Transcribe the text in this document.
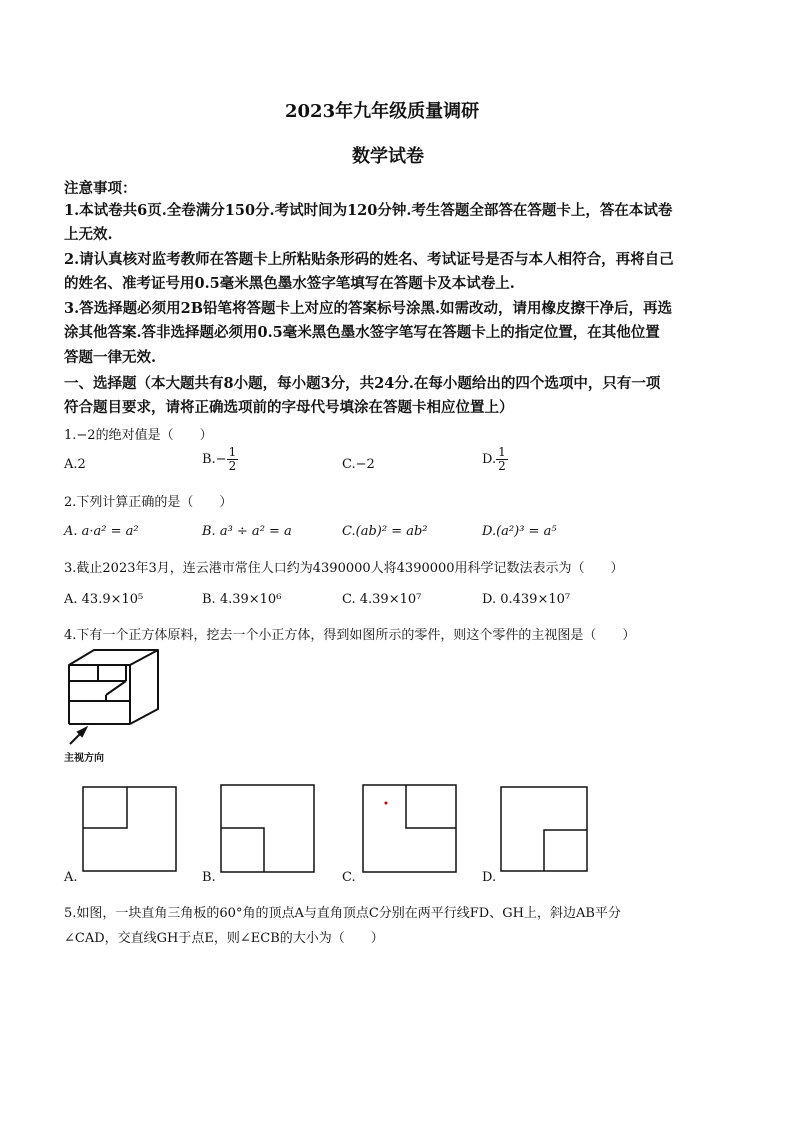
2023年九年级质量调研
数学试卷
注意事项：
1.本试卷共6页.全卷满分150分.考试时间为120分钟.考生答题全部答在答题卡上，答在本试卷
上无效.
2.请认真核对监考教师在答题卡上所粘贴条形码的姓名、考试证号是否与本人相符合，再将自己
的姓名、准考证号用0.5毫米黑色墨水签字笔填写在答题卡及本试卷上.
3.答选择题必须用2B铅笔将答题卡上对应的答案标号涂黑.如需改动，请用橡皮擦干净后，再选
涂其他答案.答非选择题必须用0.5毫米黑色墨水签字笔写在答题卡上的指定位置，在其他位置
答题一律无效.
一、选择题（本大题共有8小题，每小题3分，共24分.在每小题给出的四个选项中，只有一项
符合题目要求，请将正确选项前的字母代号填涂在答题卡相应位置上）
1.−2的绝对值是（　　）
A.2	$B.- \frac{1}{2}$	C.−2	D. $\frac{1}{2}$
2.下列计算正确的是（　　）
A. a·a² = a²	B. a³ ÷ a² = a	C.(ab)² = ab²	D.(a²)³ = a⁵
3.截止2023年3月，连云港市常住人口约为4390000人将4390000用科学记数法表示为（　　）
A. 43.9×10⁵	B. 4.39×10⁶	C. 4.39×10⁷	D. 0.439×10⁷
4.下有一个正方体原料，挖去一个小正方体，得到如图所示的零件，则这个零件的主视图是（　　）
主视方向
A.	B.	C.	D.
5.如图，一块直角三角板的60°角的顶点A与直角顶点C分别在两平行线FD、GH上，斜边AB平分
∠CAD，交直线GH于点E，则∠ECB的大小为（　　）
